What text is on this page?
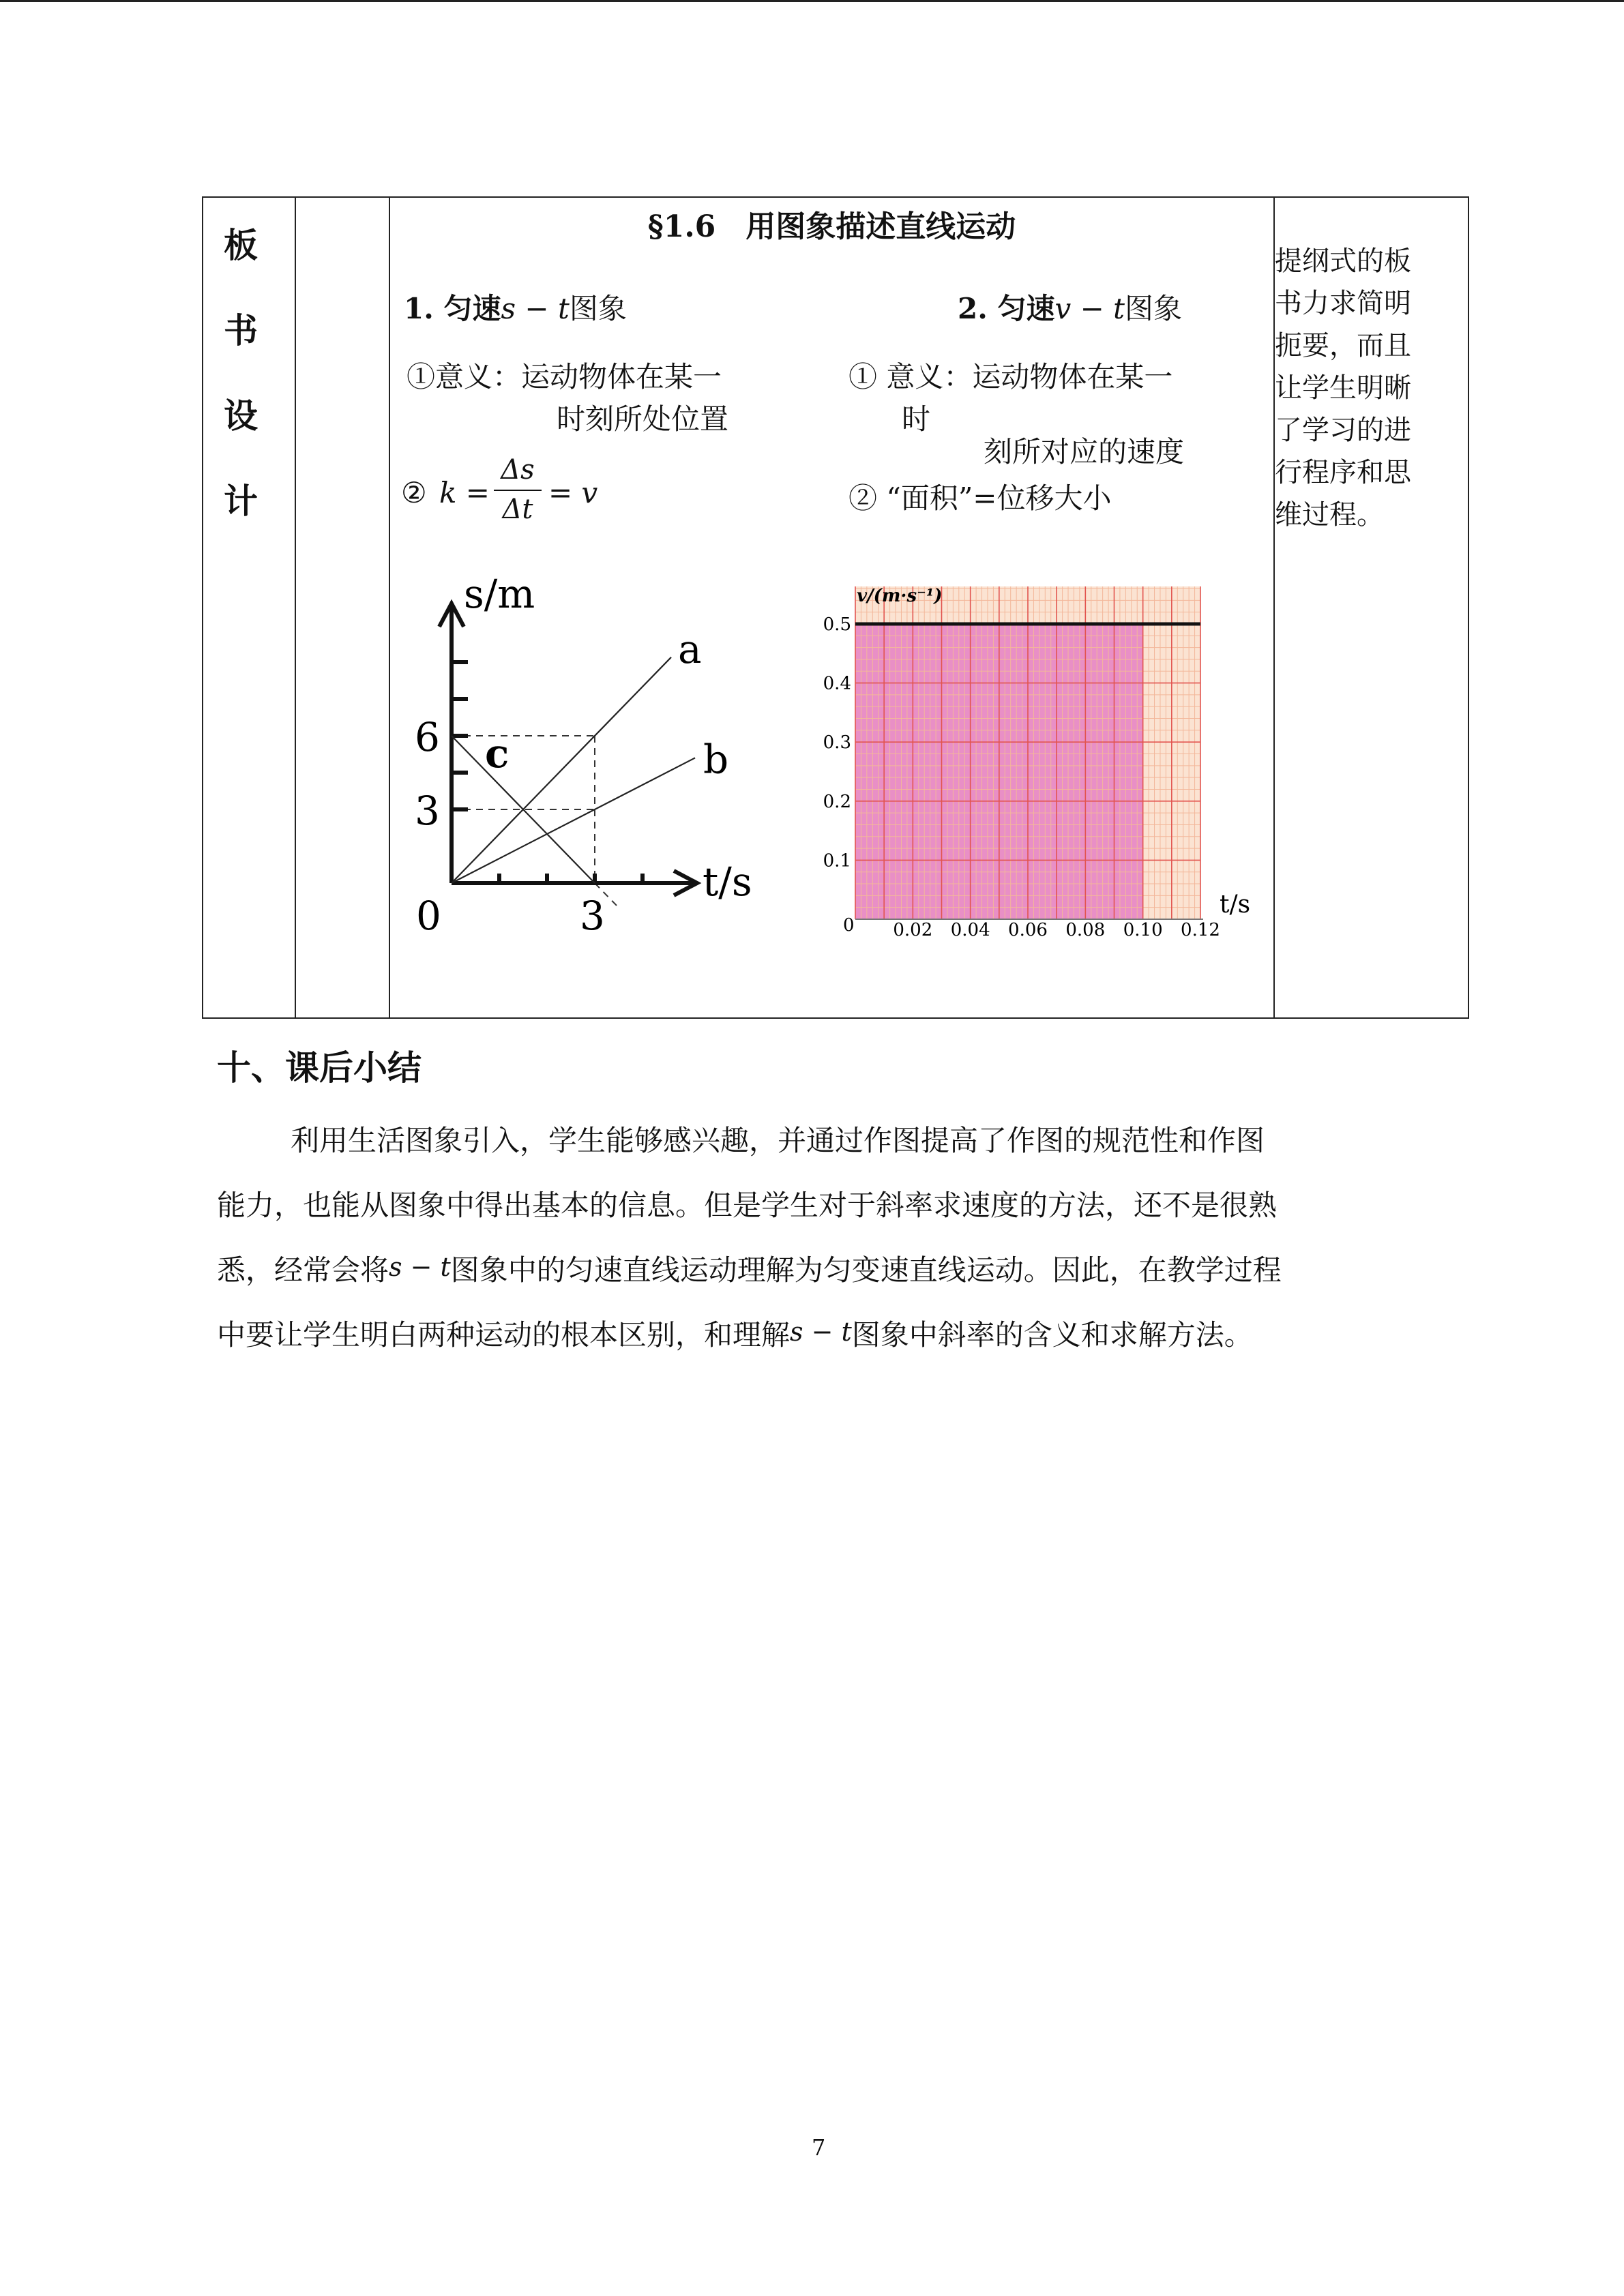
板
书
设
计
§1.6　用图象描述直线运动
1. 匀速s − t图象
①意义：运动物体在某一
时刻所处位置
② k =
Δs
Δt = v
2. 匀速v − t图象
① 意义：运动物体在某一
时
刻所对应的速度
② “面积”=位移大小
s/m
t/s
0
3
6
3
a
b
c
v/(m·s⁻¹)
t/s
0 0.02 0.04 0.06 0.08 0.10 0.12
0.1
0.2
0.3
0.4
0.5
提纲式的板
书力求简明
扼要，而且
让学生明晰
了学习的进
行程序和思
维过程。
十、课后小结
利用生活图象引入，学生能够感兴趣，并通过作图提高了作图的规范性和作图
能力，也能从图象中得出基本的信息。但是学生对于斜率求速度的方法，还不是很熟
悉，经常会将s − t图象中的匀速直线运动理解为匀变速直线运动。因此，在教学过程
中要让学生明白两种运动的根本区别，和理解s − t图象中斜率的含义和求解方法。
7
